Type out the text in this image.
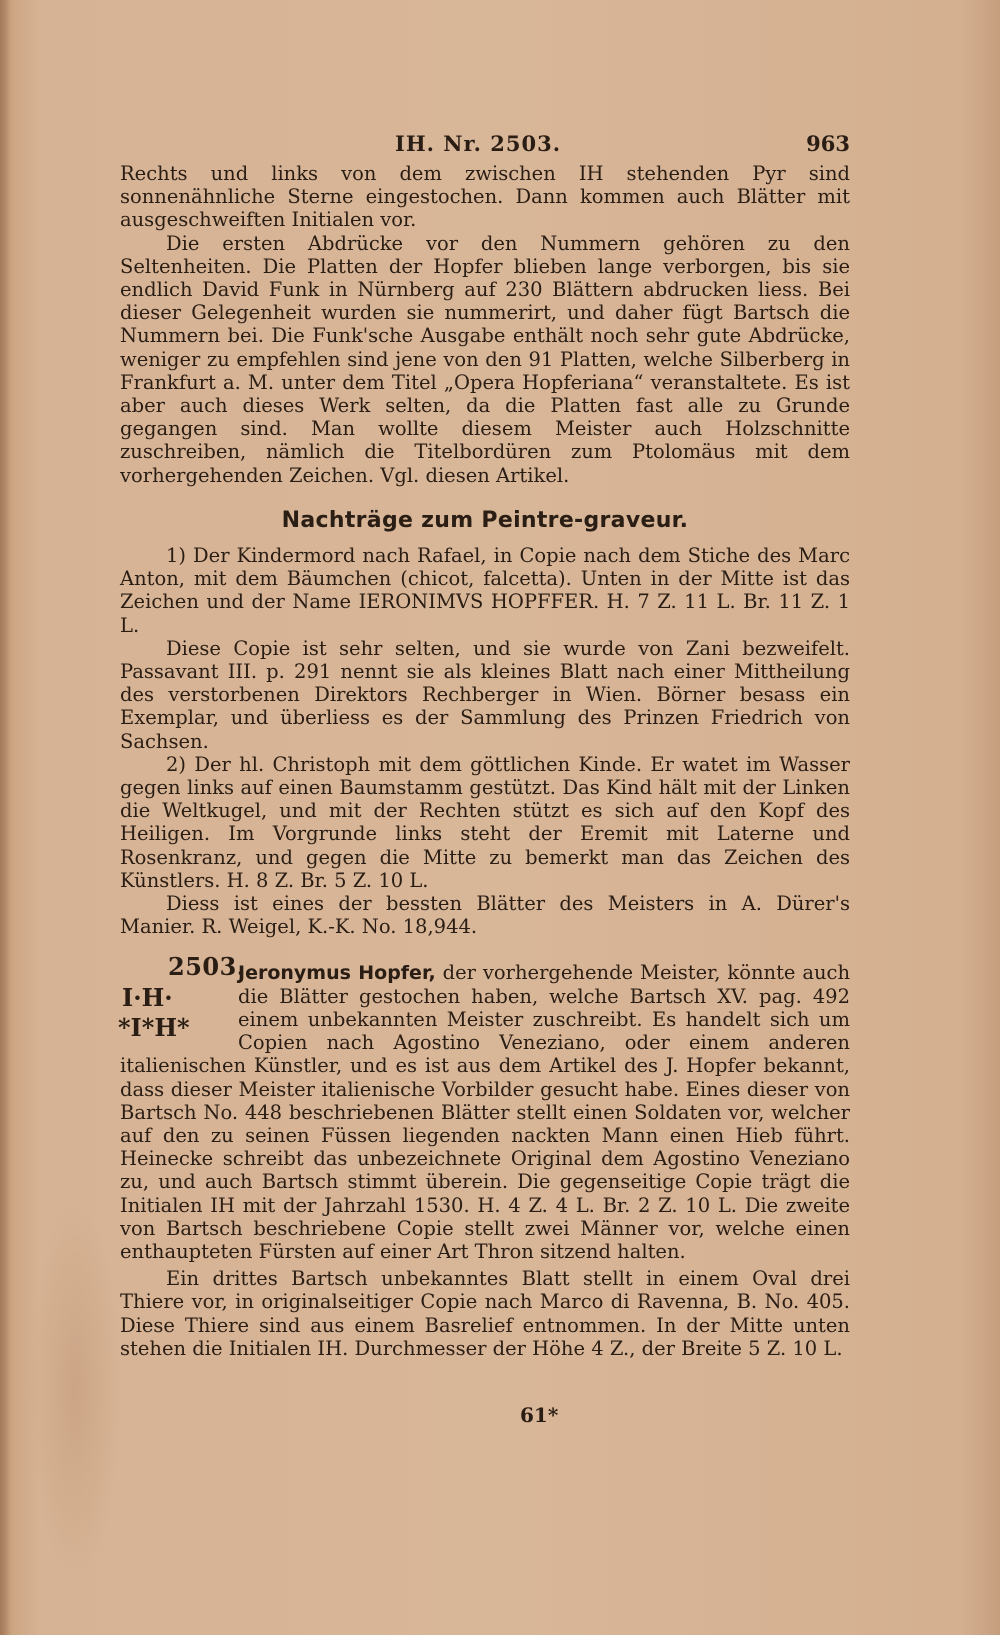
IH. Nr. 2503.	963

Rechts und links von dem zwischen IH stehenden Pyr sind sonnenähnliche Sterne eingestochen. Dann kommen auch Blätter mit ausgeschweiften Initialen vor.

Die ersten Abdrücke vor den Nummern gehören zu den Seltenheiten. Die Platten der Hopfer blieben lange verborgen, bis sie endlich David Funk in Nürnberg auf 230 Blättern abdrucken liess. Bei dieser Gelegenheit wurden sie nummerirt, und daher fügt Bartsch die Nummern bei. Die Funk'sche Ausgabe enthält noch sehr gute Abdrücke, weniger zu empfehlen sind jene von den 91 Platten, welche Silberberg in Frankfurt a. M. unter dem Titel „Opera Hopferiana“ veranstaltete. Es ist aber auch dieses Werk selten, da die Platten fast alle zu Grunde gegangen sind. Man wollte diesem Meister auch Holzschnitte zuschreiben, nämlich die Titelbordüren zum Ptolomäus mit dem vorhergehenden Zeichen. Vgl. diesen Artikel.

Nachträge zum Peintre-graveur.

1) Der Kindermord nach Rafael, in Copie nach dem Stiche des Marc Anton, mit dem Bäumchen (chicot, falcetta). Unten in der Mitte ist das Zeichen und der Name IERONIMVS HOPFFER. H. 7 Z. 11 L. Br. 11 Z. 1 L.

Diese Copie ist sehr selten, und sie wurde von Zani bezweifelt. Passavant III. p. 291 nennt sie als kleines Blatt nach einer Mittheilung des verstorbenen Direktors Rechberger in Wien. Börner besass ein Exemplar, und überliess es der Sammlung des Prinzen Friedrich von Sachsen.

2) Der hl. Christoph mit dem göttlichen Kinde. Er watet im Wasser gegen links auf einen Baumstamm gestützt. Das Kind hält mit der Linken die Weltkugel, und mit der Rechten stützt es sich auf den Kopf des Heiligen. Im Vorgrunde links steht der Eremit mit Laterne und Rosenkranz, und gegen die Mitte zu bemerkt man das Zeichen des Künstlers. H. 8 Z. Br. 5 Z. 10 L.

Diess ist eines der bessten Blätter des Meisters in A. Dürer's Manier. R. Weigel, K.-K. No. 18,944.

2503.
I·H·
*I*H*

Jeronymus Hopfer, der vorhergehende Meister, könnte auch die Blätter gestochen haben, welche Bartsch XV. pag. 492 einem unbekannten Meister zuschreibt. Es handelt sich um Copien nach Agostino Veneziano, oder einem anderen italienischen Künstler, und es ist aus dem Artikel des J. Hopfer bekannt, dass dieser Meister italienische Vorbilder gesucht habe. Eines dieser von Bartsch No. 448 beschriebenen Blätter stellt einen Soldaten vor, welcher auf den zu seinen Füssen liegenden nackten Mann einen Hieb führt. Heinecke schreibt das unbezeichnete Original dem Agostino Veneziano zu, und auch Bartsch stimmt überein. Die gegenseitige Copie trägt die Initialen IH mit der Jahrzahl 1530. H. 4 Z. 4 L. Br. 2 Z. 10 L. Die zweite von Bartsch beschriebene Copie stellt zwei Männer vor, welche einen enthaupteten Fürsten auf einer Art Thron sitzend halten.

Ein drittes Bartsch unbekanntes Blatt stellt in einem Oval drei Thiere vor, in originalseitiger Copie nach Marco di Ravenna, B. No. 405. Diese Thiere sind aus einem Basrelief entnommen. In der Mitte unten stehen die Initialen IH. Durchmesser der Höhe 4 Z., der Breite 5 Z. 10 L.

61*
